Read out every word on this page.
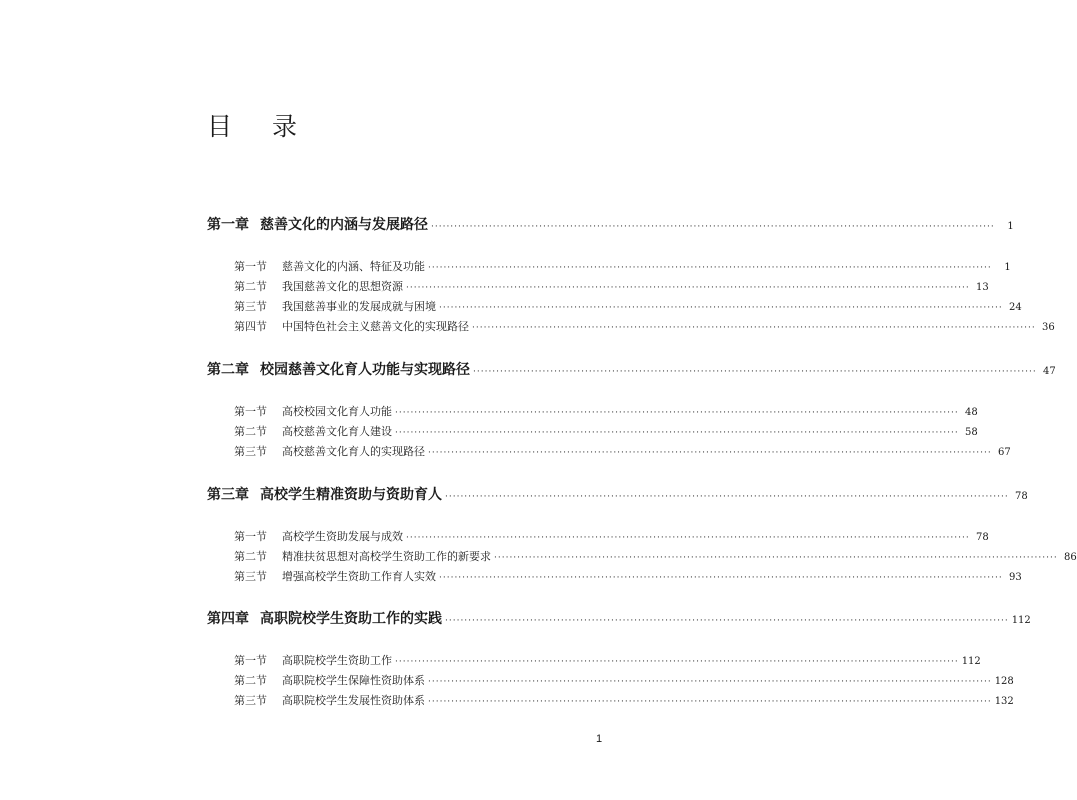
目 录
第一章 慈善文化的内涵与发展路径 ·····	1
第一节	慈善文化的内涵、特征及功能 ·····	1
第二节	我国慈善文化的思想资源 ·····	13
第三节	我国慈善事业的发展成就与困境 ·····	24
第四节	中国特色社会主义慈善文化的实现路径 ·····	36
第二章 校园慈善文化育人功能与实现路径 ·····	47
第一节	高校校园文化育人功能 ·····	48
第二节	高校慈善文化育人建设 ·····	58
第三节	高校慈善文化育人的实现路径 ·····	67
第三章 高校学生精准资助与资助育人 ·····	78
第一节	高校学生资助发展与成效 ·····	78
第二节	精准扶贫思想对高校学生资助工作的新要求 ·····	86
第三节	增强高校学生资助工作育人实效 ·····	93
第四章 高职院校学生资助工作的实践 ·····	112
第一节	高职院校学生资助工作 ·····	112
第二节	高职院校学生保障性资助体系 ·····	128
第三节	高职院校学生发展性资助体系 ·····	132
1
